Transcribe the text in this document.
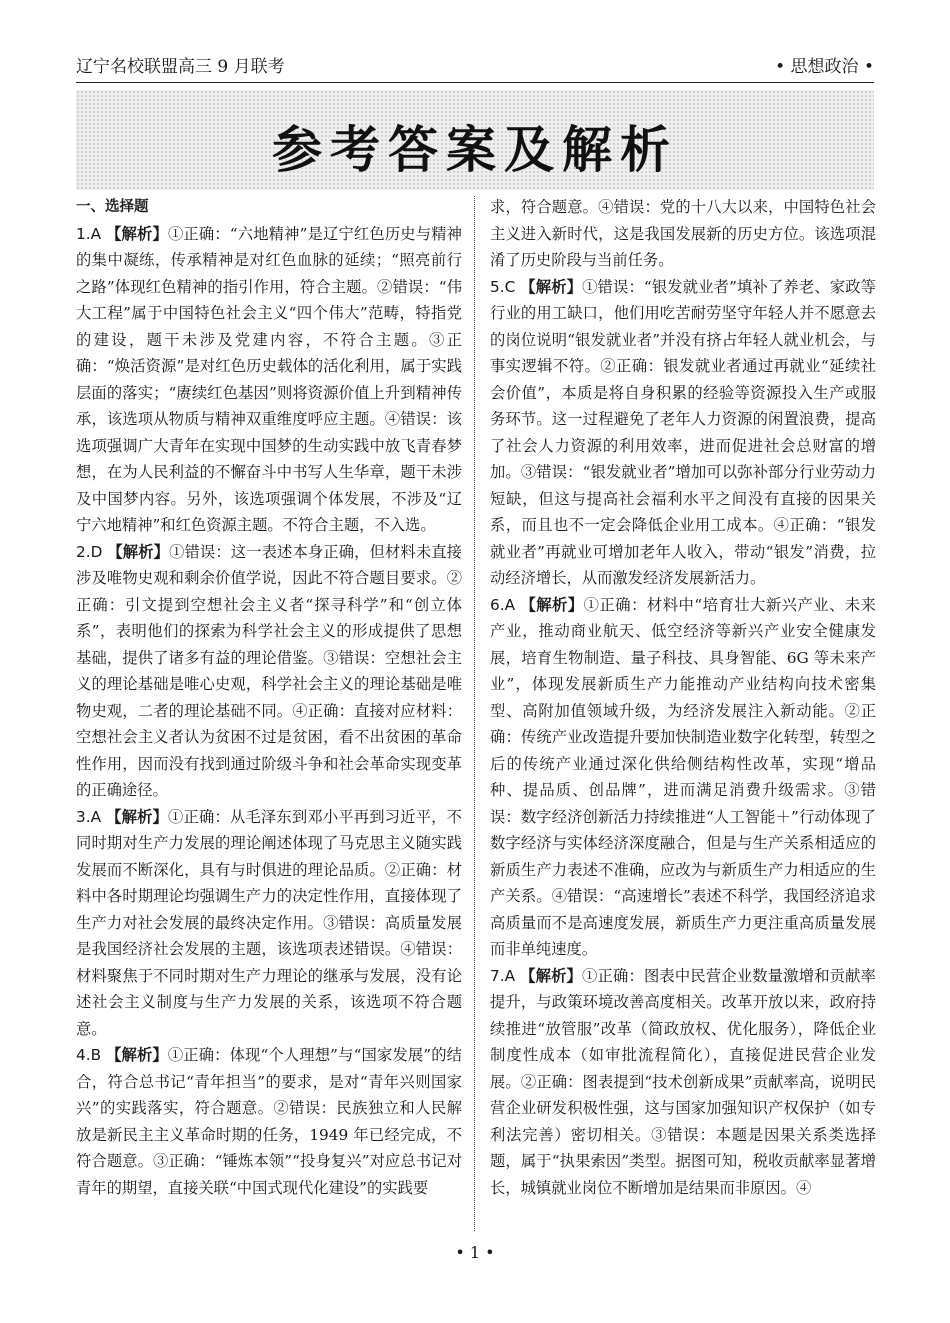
辽宁名校联盟高三 9 月联考	• 思想政治 •
参考答案及解析

一、选择题

1.A 【解析】①正确：“六地精神”是辽宁红色历史与精神的集中凝练，传承精神是对红色血脉的延续；“照亮前行之路”体现红色精神的指引作用，符合主题。②错误：“伟大工程”属于中国特色社会主义“四个伟大”范畴，特指党的建设，题干未涉及党建内容，不符合主题。③正确：“焕活资源”是对红色历史载体的活化利用，属于实践层面的落实；“赓续红色基因”则将资源价值上升到精神传承，该选项从物质与精神双重维度呼应主题。④错误：该选项强调广大青年在实现中国梦的生动实践中放飞青春梦想，在为人民利益的不懈奋斗中书写人生华章，题干未涉及中国梦内容。另外，该选项强调个体发展，不涉及“辽宁六地精神”和红色资源主题。不符合主题，不入选。

2.D 【解析】①错误：这一表述本身正确，但材料未直接涉及唯物史观和剩余价值学说，因此不符合题目要求。②正确：引文提到空想社会主义者“探寻科学”和“创立体系”，表明他们的探索为科学社会主义的形成提供了思想基础，提供了诸多有益的理论借鉴。③错误：空想社会主义的理论基础是唯心史观，科学社会主义的理论基础是唯物史观，二者的理论基础不同。④正确：直接对应材料：空想社会主义者认为贫困不过是贫困，看不出贫困的革命性作用，因而没有找到通过阶级斗争和社会革命实现变革的正确途径。

3.A 【解析】①正确：从毛泽东到邓小平再到习近平，不同时期对生产力发展的理论阐述体现了马克思主义随实践发展而不断深化，具有与时俱进的理论品质。②正确：材料中各时期理论均强调生产力的决定性作用，直接体现了生产力对社会发展的最终决定作用。③错误：高质量发展是我国经济社会发展的主题，该选项表述错误。④错误：材料聚焦于不同时期对生产力理论的继承与发展，没有论述社会主义制度与生产力发展的关系，该选项不符合题意。

4.B 【解析】①正确：体现“个人理想”与“国家发展”的结合，符合总书记“青年担当”的要求，是对“青年兴则国家兴”的实践落实，符合题意。②错误：民族独立和人民解放是新民主主义革命时期的任务，1949 年已经完成，不符合题意。③正确：“锤炼本领”“投身复兴”对应总书记对青年的期望，直接关联“中国式现代化建设”的实践要

求，符合题意。④错误：党的十八大以来，中国特色社会主义进入新时代，这是我国发展新的历史方位。该选项混淆了历史阶段与当前任务。

5.C 【解析】①错误：“银发就业者”填补了养老、家政等行业的用工缺口，他们用吃苦耐劳坚守年轻人并不愿意去的岗位说明“银发就业者”并没有挤占年轻人就业机会，与事实逻辑不符。②正确：银发就业者通过再就业“延续社会价值”，本质是将自身积累的经验等资源投入生产或服务环节。这一过程避免了老年人力资源的闲置浪费，提高了社会人力资源的利用效率，进而促进社会总财富的增加。③错误：“银发就业者”增加可以弥补部分行业劳动力短缺，但这与提高社会福利水平之间没有直接的因果关系，而且也不一定会降低企业用工成本。④正确：“银发就业者”再就业可增加老年人收入，带动“银发”消费，拉动经济增长，从而激发经济发展新活力。

6.A 【解析】①正确：材料中“培育壮大新兴产业、未来产业，推动商业航天、低空经济等新兴产业安全健康发展，培育生物制造、量子科技、具身智能、6G 等未来产业”，体现发展新质生产力能推动产业结构向技术密集型、高附加值领域升级，为经济发展注入新动能。②正确：传统产业改造提升要加快制造业数字化转型，转型之后的传统产业通过深化供给侧结构性改革，实现“增品种、提品质、创品牌”，进而满足消费升级需求。③错误：数字经济创新活力持续推进“人工智能＋”行动体现了数字经济与实体经济深度融合，但是与生产关系相适应的新质生产力表述不准确，应改为与新质生产力相适应的生产关系。④错误：“高速增长”表述不科学，我国经济追求高质量而不是高速度发展，新质生产力更注重高质量发展而非单纯速度。

7.A 【解析】①正确：图表中民营企业数量激增和贡献率提升，与政策环境改善高度相关。改革开放以来，政府持续推进“放管服”改革（简政放权、优化服务），降低企业制度性成本（如审批流程简化），直接促进民营企业发展。②正确：图表提到“技术创新成果”贡献率高，说明民营企业研发积极性强，这与国家加强知识产权保护（如专利法完善）密切相关。③错误：本题是因果关系类选择题，属于“执果索因”类型。据图可知，税收贡献率显著增长，城镇就业岗位不断增加是结果而非原因。④

• 1 •
